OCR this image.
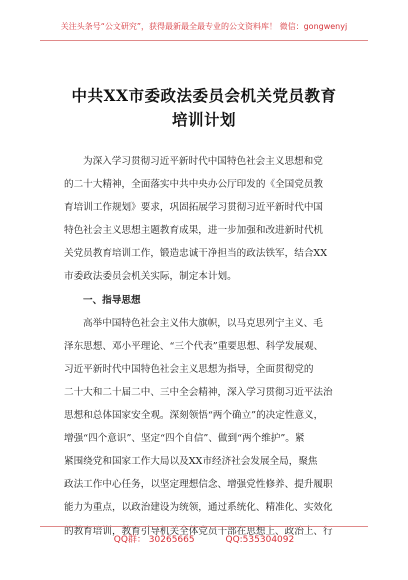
关注头条号“公文研究”，获得最新最全最专业的公文资料库！ 微信：gongwenyj
中共XX市委政法委员会机关党员教育
培训计划
为深入学习贯彻习近平新时代中国特色社会主义思想和党
的二十大精神，全面落实中共中央办公厅印发的《全国党员教
育培训工作规划》要求，巩固拓展学习贯彻习近平新时代中国
特色社会主义思想主题教育成果，进一步加强和改进新时代机
关党员教育培训工作，锻造忠诚干净担当的政法铁军，结合XX
市委政法委员会机关实际，制定本计划。
一、指导思想
高举中国特色社会主义伟大旗帜，以马克思列宁主义、毛
泽东思想、邓小平理论、“三个代表”重要思想、科学发展观、
习近平新时代中国特色社会主义思想为指导，全面贯彻党的
二十大和二十届二中、三中全会精神，深入学习贯彻习近平法治
思想和总体国家安全观。深刻领悟“两个确立”的决定性意义，
增强“四个意识”、坚定“四个自信”、做到“两个维护”。紧
紧围绕党和国家工作大局以及XX市经济社会发展全局，聚焦
政法工作中心任务，以坚定理想信念、增强党性修养、提升履职
能力为重点，以政治建设为统领，通过系统化、精准化、实效化
的教育培训，教育引导机关全体党员干部在思想上、政治上、行
QQ群： 30265665	QQ:535304092
